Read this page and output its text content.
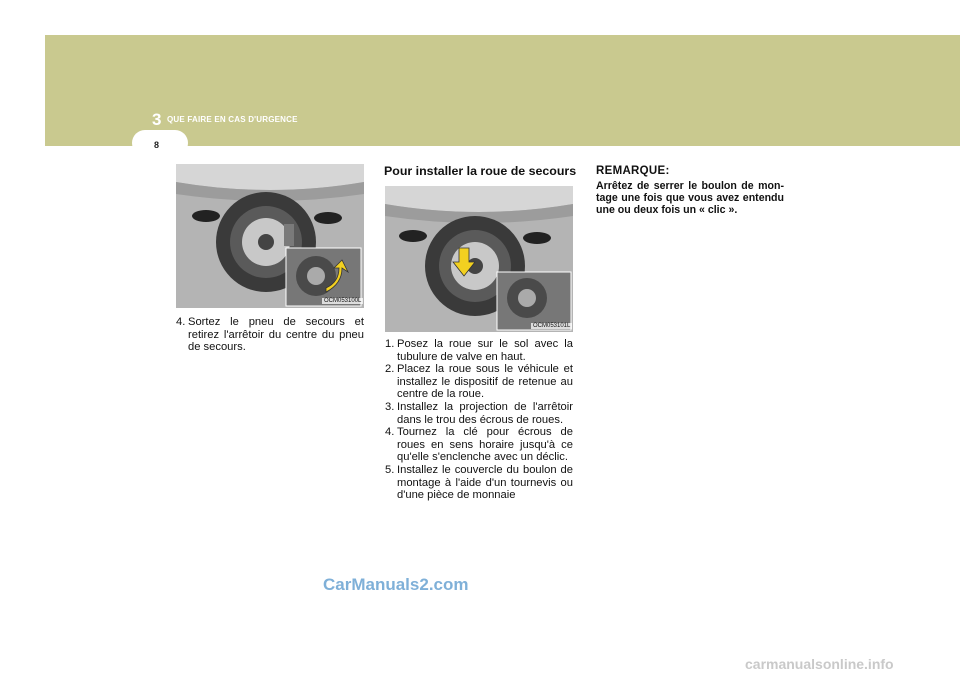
3 QUE FAIRE EN CAS D'URGENCE
8
OCM053100L
4. Sortez le pneu de secours et retirez l'arrêtoir du centre du pneu de secours.
Pour installer la roue de secours
OCM053101L
1. Posez la roue sur le sol avec la tubulure de valve en haut.
2. Placez la roue sous le véhicule et installez le dispositif de retenue au centre de la roue.
3. Installez la projection de l'arrêtoir dans le trou des écrous de roues.
4. Tournez la clé pour écrous de roues en sens horaire jusqu'à ce qu'elle s'enclenche avec un déclic.
5. Installez le couvercle du boulon de montage à l'aide d'un tournevis ou d'une pièce de monnaie
REMARQUE:
Arrêtez de serrer le boulon de mon-tage une fois que vous avez entendu une ou deux fois un « clic ».
CarManuals2.com
carmanualsonline.info
